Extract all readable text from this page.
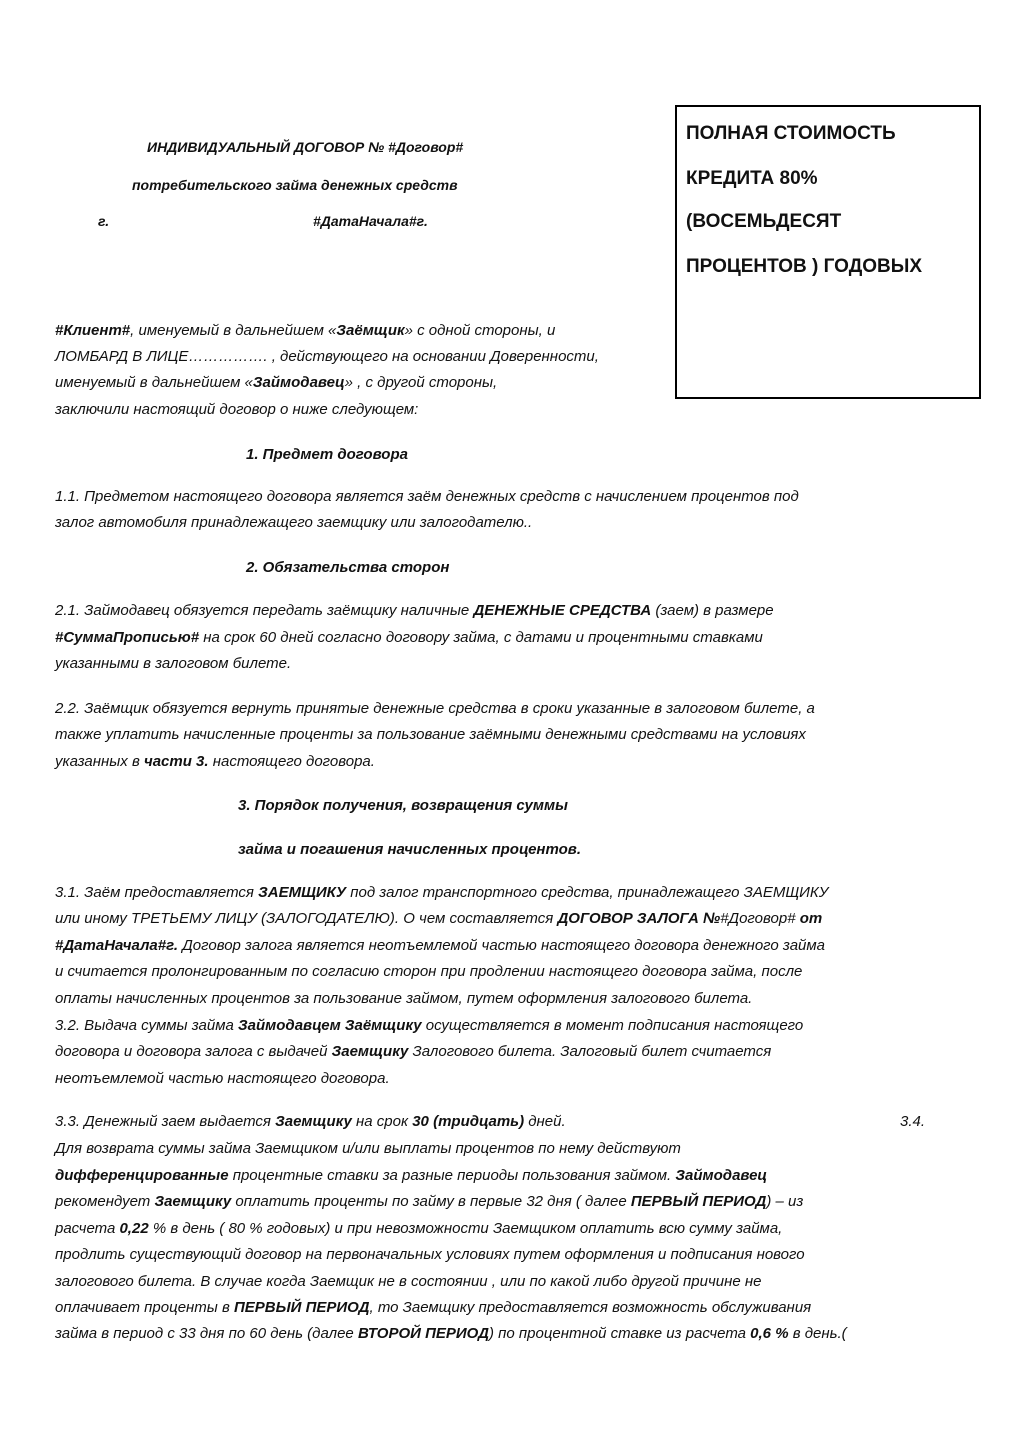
ИНДИВИДУАЛЬНЫЙ ДОГОВОР № #Договор#
потребительского займа денежных средств
г.	#ДатаНачала#г.
ПОЛНАЯ СТОИМОСТЬ
КРЕДИТА 80%
(ВОСЕМЬДЕСЯТ
ПРОЦЕНТОВ ) ГОДОВЫХ
#Клиент#, именуемый в дальнейшем «Заёмщик» с одной стороны, и
ЛОМБАРД В ЛИЦЕ……………. , действующего на основании Доверенности,
именуемый в дальнейшем «Займодавец» , с другой стороны,
заключили настоящий договор о ниже следующем:
1. Предмет договора
1.1. Предметом настоящего договора является заём денежных средств с начислением процентов под
залог автомобиля принадлежащего заемщику или залогодателю..
2. Обязательства сторон
2.1. Займодавец обязуется передать заёмщику наличные ДЕНЕЖНЫЕ СРЕДСТВА (заем) в размере
#СуммаПрописью# на срок 60 дней согласно договору займа, с датами и процентными ставками
указанными в залоговом билете.
2.2. Заёмщик обязуется вернуть принятые денежные средства в сроки указанные в залоговом билете, а
также уплатить начисленные проценты за пользование заёмными денежными средствами на условиях
указанных в части 3. настоящего договора.
3. Порядок получения, возвращения суммы
займа и погашения начисленных процентов.
3.1. Заём предоставляется ЗАЕМЩИКУ под залог транспортного средства, принадлежащего ЗАЕМЩИКУ
или иному ТРЕТЬЕМУ ЛИЦУ (ЗАЛОГОДАТЕЛЮ). О чем составляется ДОГОВОР ЗАЛОГА №#Договор# от
#ДатаНачала#г. Договор залога является неотъемлемой частью настоящего договора денежного займа
и считается пролонгированным по согласию сторон при продлении настоящего договора займа, после
оплаты начисленных процентов за пользование займом, путем оформления залогового билета.
3.2. Выдача суммы займа Займодавцем Заёмщику осуществляется в момент подписания настоящего
договора и договора залога с выдачей Заемщику Залогового билета. Залоговый билет считается
неотъемлемой частью настоящего договора.
3.3. Денежный заем выдается Заемщику на срок 30 (тридцать) дней.
Для возврата суммы займа Заемщиком и/или выплаты процентов по нему действуют
дифференцированные процентные ставки за разные периоды пользования займом. Займодавец
рекомендует Заемщику оплатить проценты по займу в первые 32 дня ( далее ПЕРВЫЙ ПЕРИОД) – из
расчета 0,22 % в день ( 80 % годовых) и при невозможности Заемщиком оплатить всю сумму займа,
продлить существующий договор на первоначальных условиях путем оформления и подписания нового
залогового билета. В случае когда Заемщик не в состоянии , или по какой либо другой причине не
оплачивает проценты в ПЕРВЫЙ ПЕРИОД, то Заемщику предоставляется возможность обслуживания
займа в период с 33 дня по 60 день (далее ВТОРОЙ ПЕРИОД) по процентной ставке из расчета 0,6 % в день.(
3.4.
